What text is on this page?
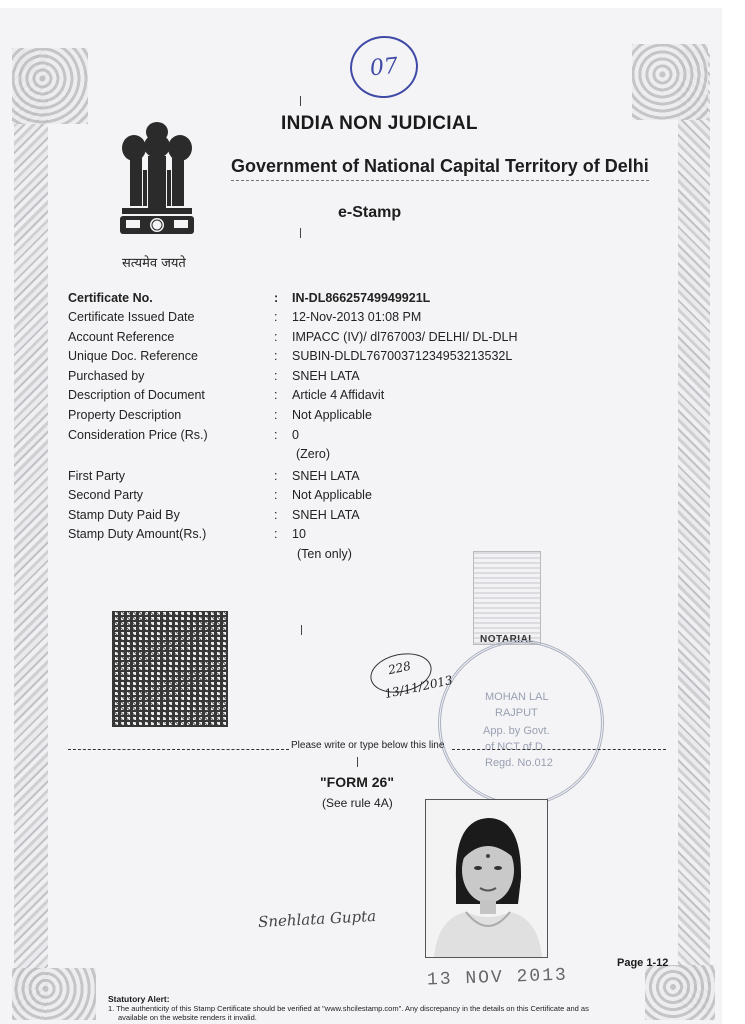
07
सत्यमेव जयते
INDIA NON JUDICIAL
Government of National Capital Territory of Delhi
e-Stamp
Certificate No.	: IN-DL86625749949921L
Certificate Issued Date	: 12-Nov-2013 01:08 PM
Account Reference	: IMPACC (IV)/ dl767003/ DELHI/ DL-DLH
Unique Doc. Reference	: SUBIN-DLDL76700371234953213532L
Purchased by	: SNEH LATA
Description of Document	: Article 4 Affidavit
Property Description	: Not Applicable
Consideration Price (Rs.)	: 0
(Zero)
First Party	: SNEH LATA
Second Party	: Not Applicable
Stamp Duty Paid By	: SNEH LATA
Stamp Duty Amount(Rs.)	: 10
(Ten only)
NOTARIAL
MOHAN LAL
RAJPUT
App. by Govt.
of NCT of D.
Regd. No.012
228
13/11/2013
Please write or type below this line
"FORM 26"
(See rule 4A)
Snehlata Gupta
Page 1-12
13 NOV 2013
Statutory Alert:
1. The authenticity of this Stamp Certificate should be verified at "www.shcilestamp.com". Any discrepancy in the details on this Certificate and as
available on the website renders it invalid.
